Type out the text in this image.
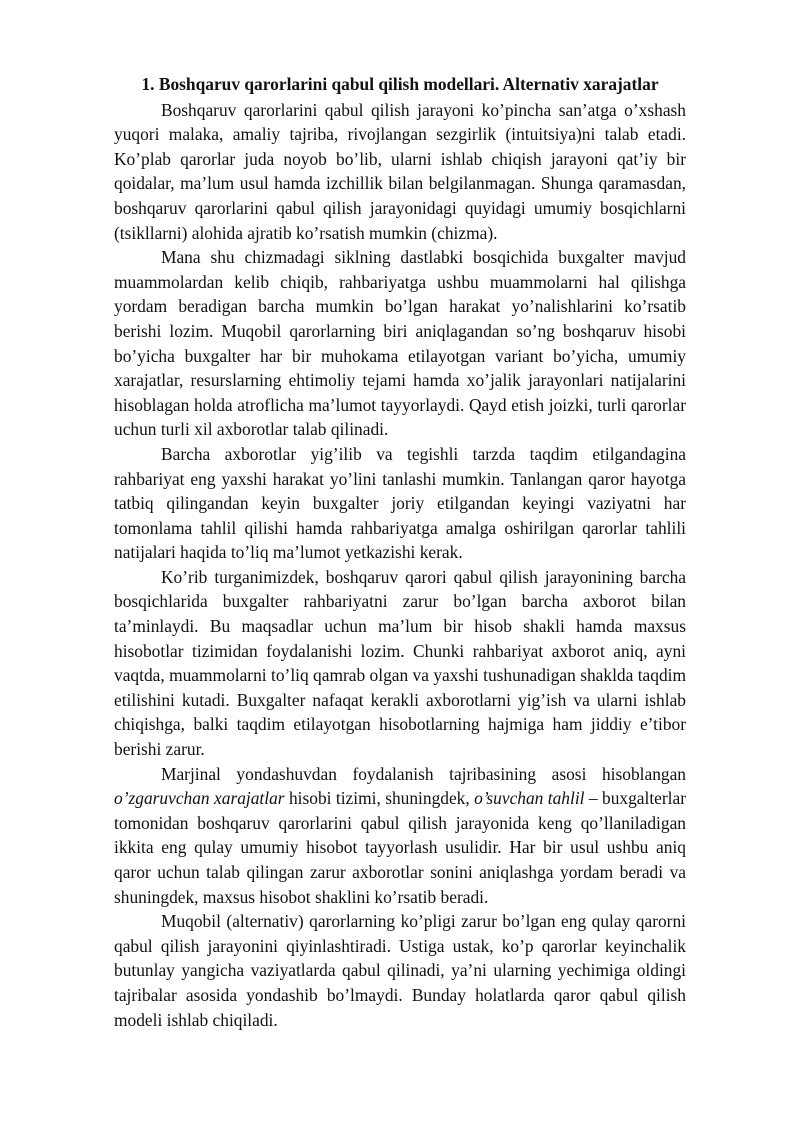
1. Boshqaruv qarorlarini qabul qilish modellari. Alternativ xarajatlar

Boshqaruv qarorlarini qabul qilish jarayoni ko’pincha san’atga o’xshash yuqori malaka, amaliy tajriba, rivojlangan sezgirlik (intuitsiya)ni talab etadi. Ko’plab qarorlar juda noyob bo’lib, ularni ishlab chiqish jarayoni qat’iy bir qoidalar, ma’lum usul hamda izchillik bilan belgilanmagan. Shunga qaramasdan, boshqaruv qarorlarini qabul qilish jarayonidagi quyidagi umumiy bosqichlarni (tsikllarni) alohida ajratib ko’rsatish mumkin (chizma).

Mana shu chizmadagi siklning dastlabki bosqichida buxgalter mavjud muammolardan kelib chiqib, rahbariyatga ushbu muammolarni hal qilishga yordam beradigan barcha mumkin bo’lgan harakat yo’nalishlarini ko’rsatib berishi lozim. Muqobil qarorlarning biri aniqlagandan so’ng boshqaruv hisobi bo’yicha buxgalter har bir muhokama etilayotgan variant bo’yicha, umumiy xarajatlar, resurslarning ehtimoliy tejami hamda xo’jalik jarayonlari natijalarini hisoblagan holda atroflicha ma’lumot tayyorlaydi. Qayd etish joizki, turli qarorlar uchun turli xil axborotlar talab qilinadi.

Barcha axborotlar yig’ilib va tegishli tarzda taqdim etilgandagina rahbariyat eng yaxshi harakat yo’lini tanlashi mumkin. Tanlangan qaror hayotga tatbiq qilingandan keyin buxgalter joriy etilgandan keyingi vaziyatni har tomonlama tahlil qilishi hamda rahbariyatga amalga oshirilgan qarorlar tahlili natijalari haqida to’liq ma’lumot yetkazishi kerak.

Ko’rib turganimizdek, boshqaruv qarori qabul qilish jarayonining barcha bosqichlarida buxgalter rahbariyatni zarur bo’lgan barcha axborot bilan ta’minlaydi. Bu maqsadlar uchun ma’lum bir hisob shakli hamda maxsus hisobotlar tizimidan foydalanishi lozim. Chunki rahbariyat axborot aniq, ayni vaqtda, muammolarni to’liq qamrab olgan va yaxshi tushunadigan shaklda taqdim etilishini kutadi. Buxgalter nafaqat kerakli axborotlarni yig’ish va ularni ishlab chiqishga, balki taqdim etilayotgan hisobotlarning hajmiga ham jiddiy e’tibor berishi zarur.

Marjinal yondashuvdan foydalanish tajribasining asosi hisoblangan o’zgaruvchan xarajatlar hisobi tizimi, shuningdek, o’suvchan tahlil – buxgalterlar tomonidan boshqaruv qarorlarini qabul qilish jarayonida keng qo’llaniladigan ikkita eng qulay umumiy hisobot tayyorlash usulidir. Har bir usul ushbu aniq qaror uchun talab qilingan zarur axborotlar sonini aniqlashga yordam beradi va shuningdek, maxsus hisobot shaklini ko’rsatib beradi.

Muqobil (alternativ) qarorlarning ko’pligi zarur bo’lgan eng qulay qarorni qabul qilish jarayonini qiyinlashtiradi. Ustiga ustak, ko’p qarorlar keyinchalik butunlay yangicha vaziyatlarda qabul qilinadi, ya’ni ularning yechimiga oldingi tajribalar asosida yondashib bo’lmaydi. Bunday holatlarda qaror qabul qilish modeli ishlab chiqiladi.
